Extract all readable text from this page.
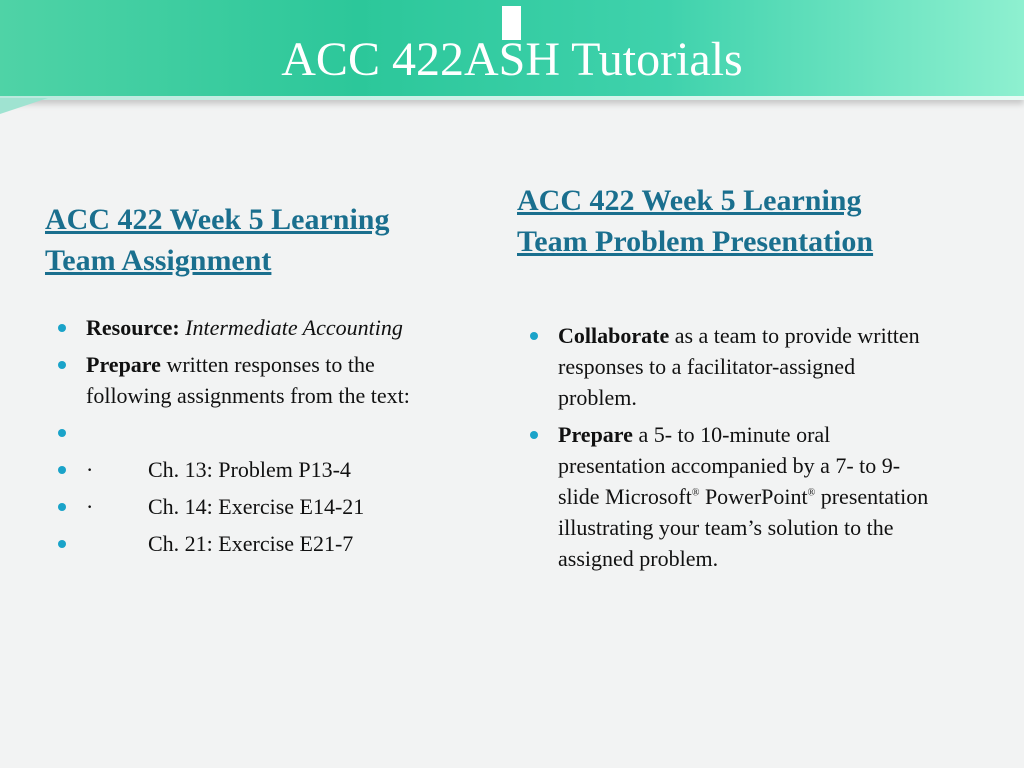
ACC 422ASH Tutorials
ACC 422 Week 5 Learning Team Assignment
Resource: Intermediate Accounting
Prepare written responses to the following assignments from the text:
· Ch. 13: Problem P13-4
· Ch. 14: Exercise E14-21
Ch. 21: Exercise E21-7
ACC 422 Week 5 Learning Team Problem Presentation
Collaborate as a team to provide written responses to a facilitator-assigned problem.
Prepare a 5- to 10-minute oral presentation accompanied by a 7- to 9-slide Microsoft® PowerPoint® presentation illustrating your team’s solution to the assigned problem.
